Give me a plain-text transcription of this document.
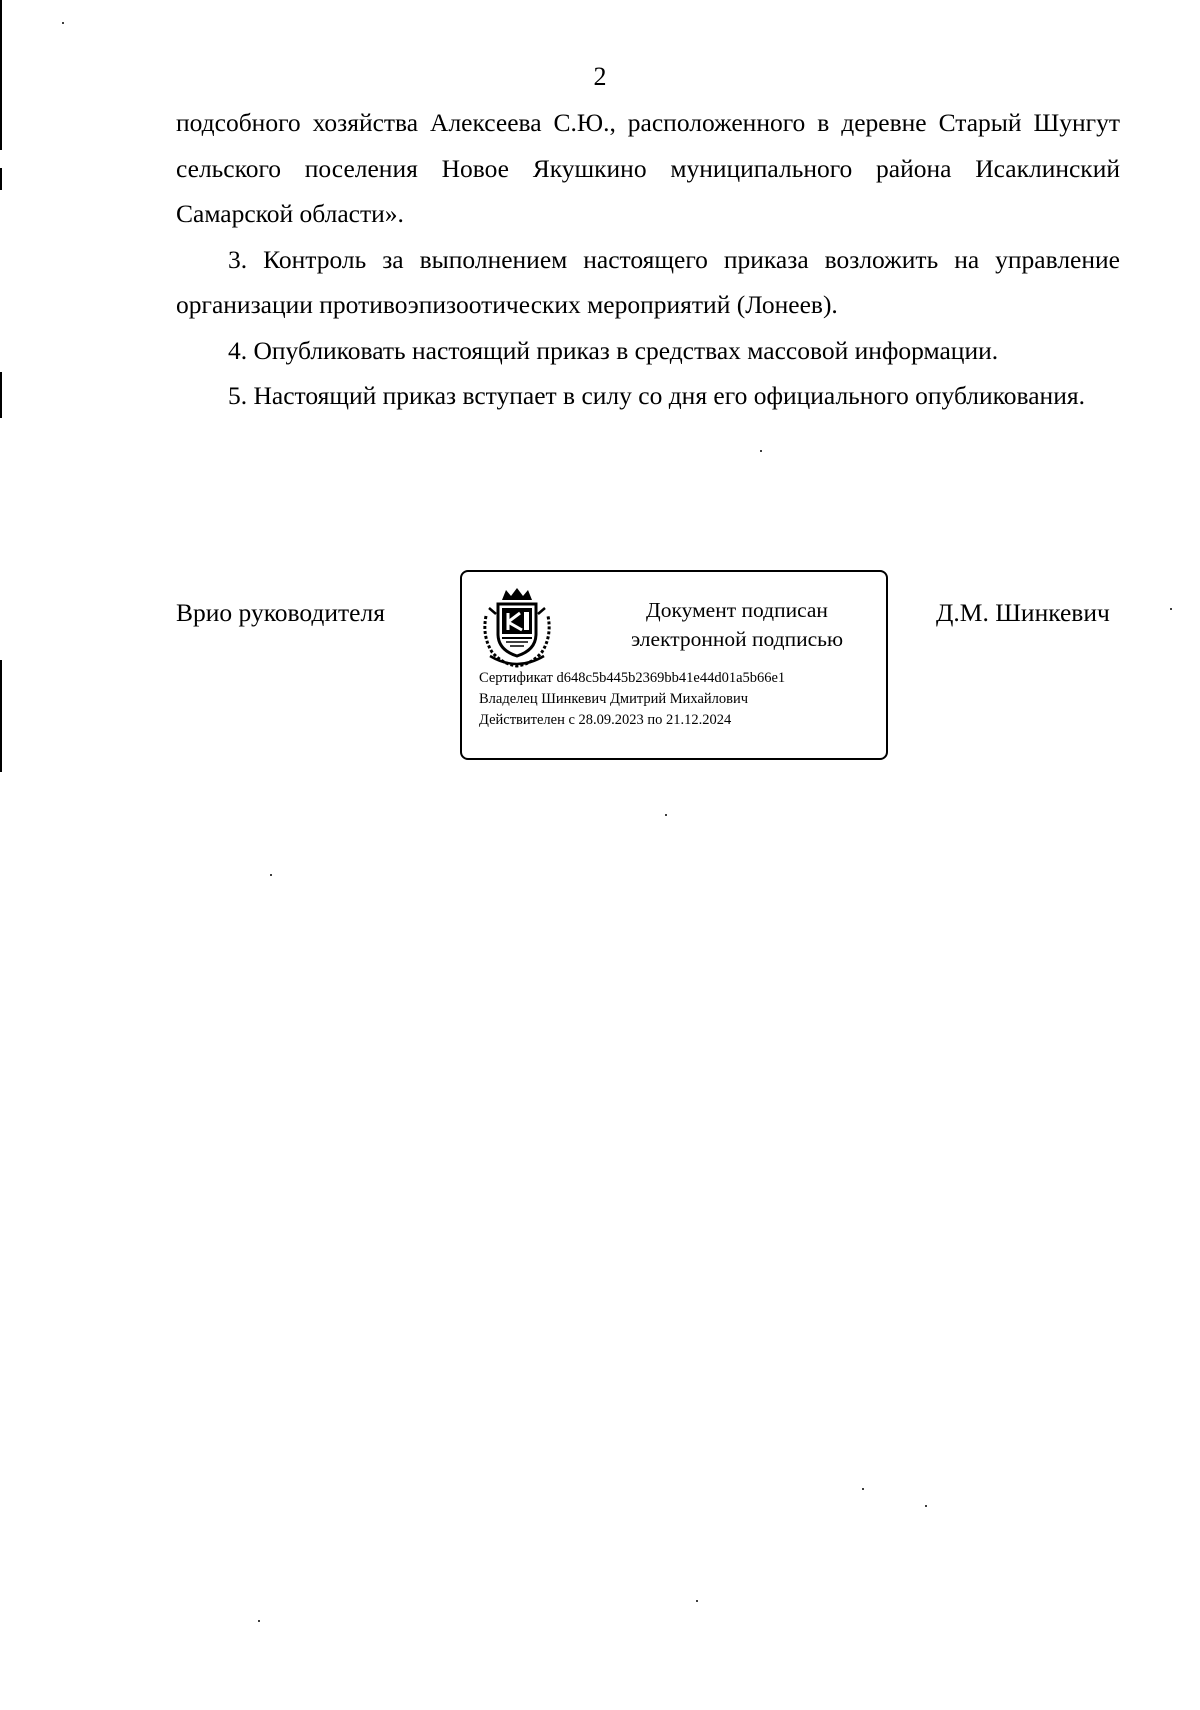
2

подсобного хозяйства Алексеева С.Ю., расположенного в деревне Старый Шунгут сельского поселения Новое Якушкино муниципального района Исаклинский Самарской области».

3. Контроль за выполнением настоящего приказа возложить на управление организации противоэпизоотических мероприятий (Лонеев).

4. Опубликовать настоящий приказ в средствах массовой информации.

5. Настоящий приказ вступает в силу со дня его официального опубликования.

Врио руководителя	Документ подписан
электронной подписью
Сертификат d648c5b445b2369bb41e44d01a5b66e1
Владелец Шинкевич Дмитрий Михайлович
Действителен с 28.09.2023 по 21.12.2024
Д.М. Шинкевич
